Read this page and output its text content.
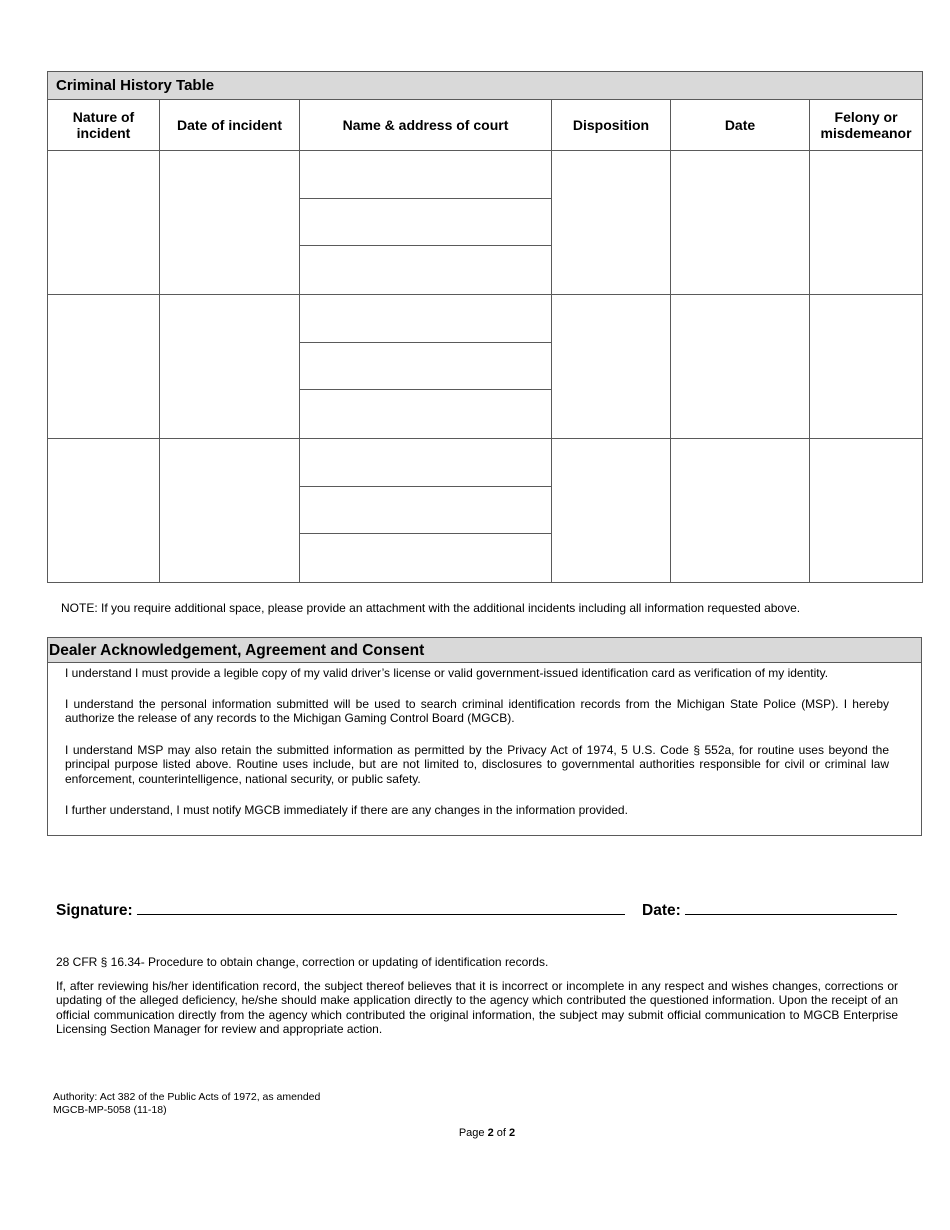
Criminal History Table					
Nature of incident	Date of incident	Name & address of court	Disposition	Date	Felony or misdemeanor

NOTE: If you require additional space, please provide an attachment with the additional incidents including all information requested above.
Dealer Acknowledgement, Agreement and Consent

I understand I must provide a legible copy of my valid driver’s license or valid government-issued identification card as verification of my identity.

I understand the personal information submitted will be used to search criminal identification records from the Michigan State Police (MSP). I hereby authorize the release of any records to the Michigan Gaming Control Board (MGCB).

I understand MSP may also retain the submitted information as permitted by the Privacy Act of 1974, 5 U.S. Code § 552a, for routine uses beyond the principal purpose listed above. Routine uses include, but are not limited to, disclosures to governmental authorities responsible for civil or criminal law enforcement, counterintelligence, national security, or public safety.

I further understand, I must notify MGCB immediately if there are any changes in the information provided.

Signature:	Date:
28 CFR § 16.34- Procedure to obtain change, correction or updating of identification records.
If, after reviewing his/her identification record, the subject thereof believes that it is incorrect or incomplete in any respect and wishes changes, corrections or updating of the alleged deficiency, he/she should make application directly to the agency which contributed the questioned information. Upon the receipt of an official communication directly from the agency which contributed the original information, the subject may submit official communication to MGCB Enterprise Licensing Section Manager for review and appropriate action.
Authority: Act 382 of the Public Acts of 1972, as amended
MGCB-MP-5058 (11-18)
Page 2 of 2
